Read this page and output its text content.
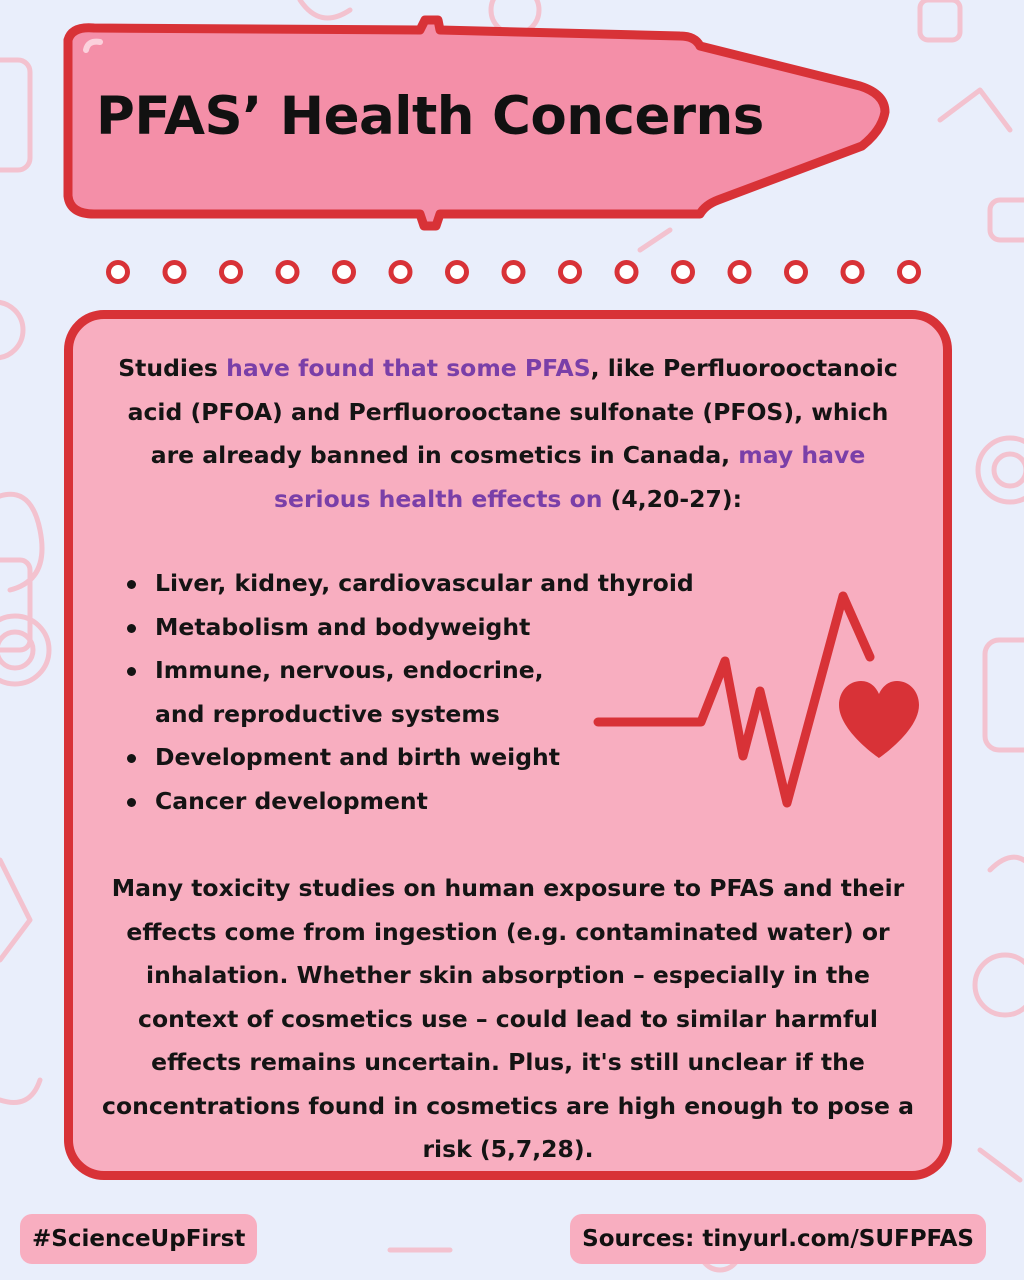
PFAS’ Health Concerns

Studies have found that some PFAS, like Perfluorooctanoic acid (PFOA) and Perfluorooctane sulfonate (PFOS), which are already banned in cosmetics in Canada, may have serious health effects on (4,20-27):

Liver, kidney, cardiovascular and thyroid
Metabolism and bodyweight
Immune, nervous, endocrine, and reproductive systems
Development and birth weight
Cancer development

Many toxicity studies on human exposure to PFAS and their effects come from ingestion (e.g. contaminated water) or inhalation. Whether skin absorption – especially in the context of cosmetics use – could lead to similar harmful effects remains uncertain. Plus, it's still unclear if the concentrations found in cosmetics are high enough to pose a risk (5,7,28).

#ScienceUpFirst	Sources: tinyurl.com/SUFPFAS
